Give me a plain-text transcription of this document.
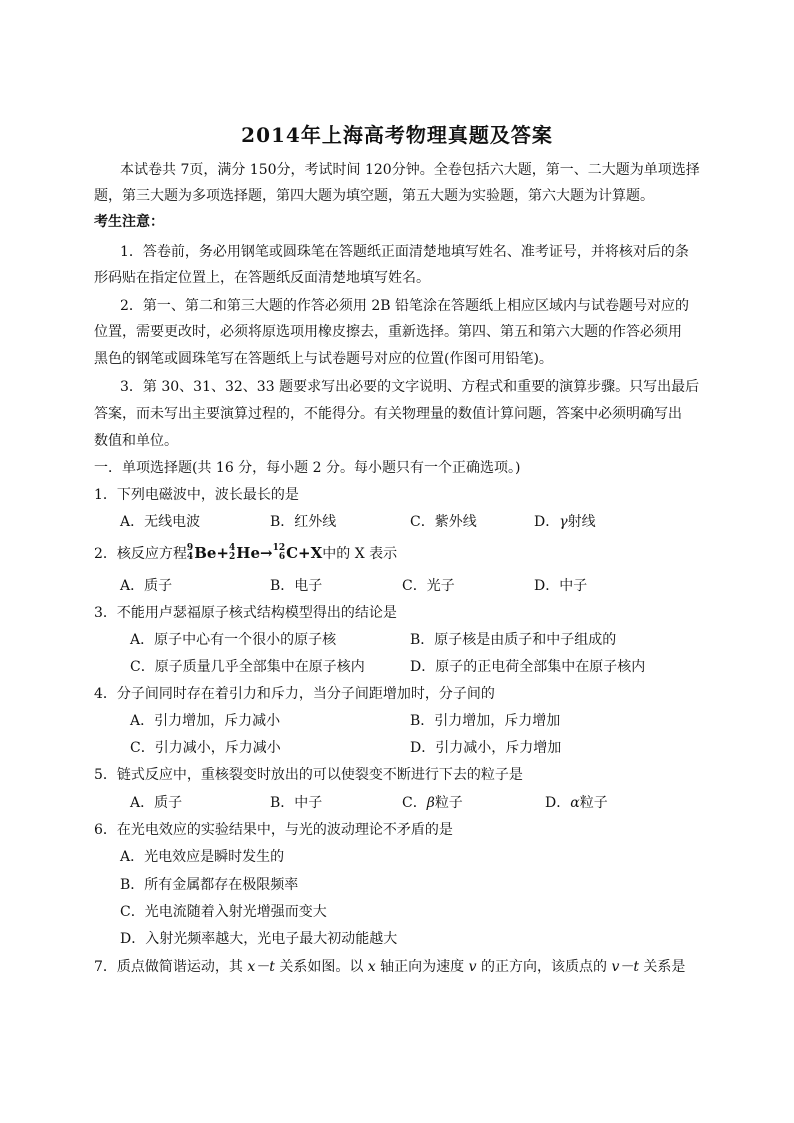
2014年上海高考物理真题及答案
本试卷共 7页，满分 150分，考试时间 120分钟。全卷包括六大题，第一、二大题为单项选择
题，第三大题为多项选择题，第四大题为填空题，第五大题为实验题，第六大题为计算题。
考生注意：
1．答卷前，务必用钢笔或圆珠笔在答题纸正面清楚地填写姓名、准考证号，并将核对后的条
形码贴在指定位置上，在答题纸反面清楚地填写姓名。
2．第一、第二和第三大题的作答必须用 2B 铅笔涂在答题纸上相应区域内与试卷题号对应的
位置，需要更改时，必须将原选项用橡皮擦去，重新选择。第四、第五和第六大题的作答必须用
黑色的钢笔或圆珠笔写在答题纸上与试卷题号对应的位置(作图可用铅笔)。
3．第 30、31、32、33 题要求写出必要的文字说明、方程式和重要的演算步骤。只写出最后
答案，而未写出主要演算过程的，不能得分。有关物理量的数值计算问题，答案中必须明确写出
数值和单位。
一．单项选择题(共 16 分，每小题 2 分。每小题只有一个正确选项。)
1．下列电磁波中，波长最长的是
A．无线电波	B．红外线	C．紫外线	D．γ射线
2．核反应方程 9
4 Be+ 4
2 He→ 12
6 C+X中的 X 表示
A．质子	B．电子	C．光子	D．中子
3．不能用卢瑟福原子核式结构模型得出的结论是
A．原子中心有一个很小的原子核	B．原子核是由质子和中子组成的
C．原子质量几乎全部集中在原子核内	D．原子的正电荷全部集中在原子核内
4．分子间同时存在着引力和斥力，当分子间距增加时，分子间的
A．引力增加，斥力减小	B．引力增加，斥力增加
C．引力减小，斥力减小	D．引力减小，斥力增加
5．链式反应中，重核裂变时放出的可以使裂变不断进行下去的粒子是
A．质子	B．中子	C．β粒子	D．α粒子
6．在光电效应的实验结果中，与光的波动理论不矛盾的是
A．光电效应是瞬时发生的
B．所有金属都存在极限频率
C．光电流随着入射光增强而变大
D．入射光频率越大，光电子最大初动能越大
7．质点做简谐运动，其 x－t 关系如图。以 x 轴正向为速度 v 的正方向，该质点的 v－t 关系是
